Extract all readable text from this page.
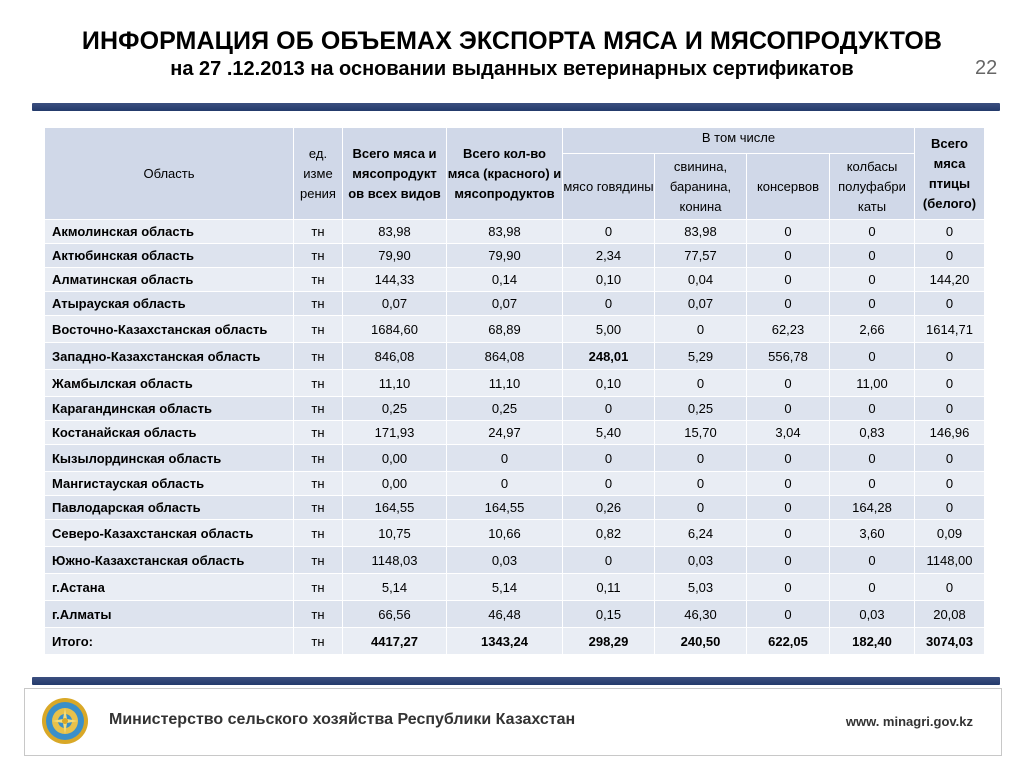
ИНФОРМАЦИЯ ОБ ОБЪЕМАХ ЭКСПОРТА МЯСА И МЯСОПРОДУКТОВ
на 27 .12.2013 на основании выданных ветеринарных сертификатов	22
Область	ед. изме рения	Всего мяса и мясопродукт ов всех видов	Всего кол-во мяса (красного) и мясопродуктов	В том числе				Всего мяса птицы (белого)
				мясо говядины	свинина, баранина, конина	консервов	колбасы полуфабри каты	
Акмолинская область	тн	83,98	83,98	0	83,98	0	0	0
Актюбинская область	тн	79,90	79,90	2,34	77,57	0	0	0
Алматинская область	тн	144,33	0,14	0,10	0,04	0	0	144,20
Атырауская область	тн	0,07	0,07	0	0,07	0	0	0
Восточно-Казахстанская область	тн	1684,60	68,89	5,00	0	62,23	2,66	1614,71
Западно-Казахстанская область	тн	846,08	864,08	248,01	5,29	556,78	0	0
Жамбылская область	тн	11,10	11,10	0,10	0	0	11,00	0
Карагандинская область	тн	0,25	0,25	0	0,25	0	0	0
Костанайская область	тн	171,93	24,97	5,40	15,70	3,04	0,83	146,96
Кызылординская область	тн	0,00	0	0	0	0	0	0
Мангистауская область	тн	0,00	0	0	0	0	0	0
Павлодарская область	тн	164,55	164,55	0,26	0	0	164,28	0
Северо-Казахстанская область	тн	10,75	10,66	0,82	6,24	0	3,60	0,09
Южно-Казахстанская область	тн	1148,03	0,03	0	0,03	0	0	1148,00
г.Астана	тн	5,14	5,14	0,11	5,03	0	0	0
г.Алматы	тн	66,56	46,48	0,15	46,30	0	0,03	20,08
Итого:	тн	4417,27	1343,24	298,29	240,50	622,05	182,40	3074,03
Министерство сельского хозяйства Республики Казахстан	www. minagri.gov.kz
